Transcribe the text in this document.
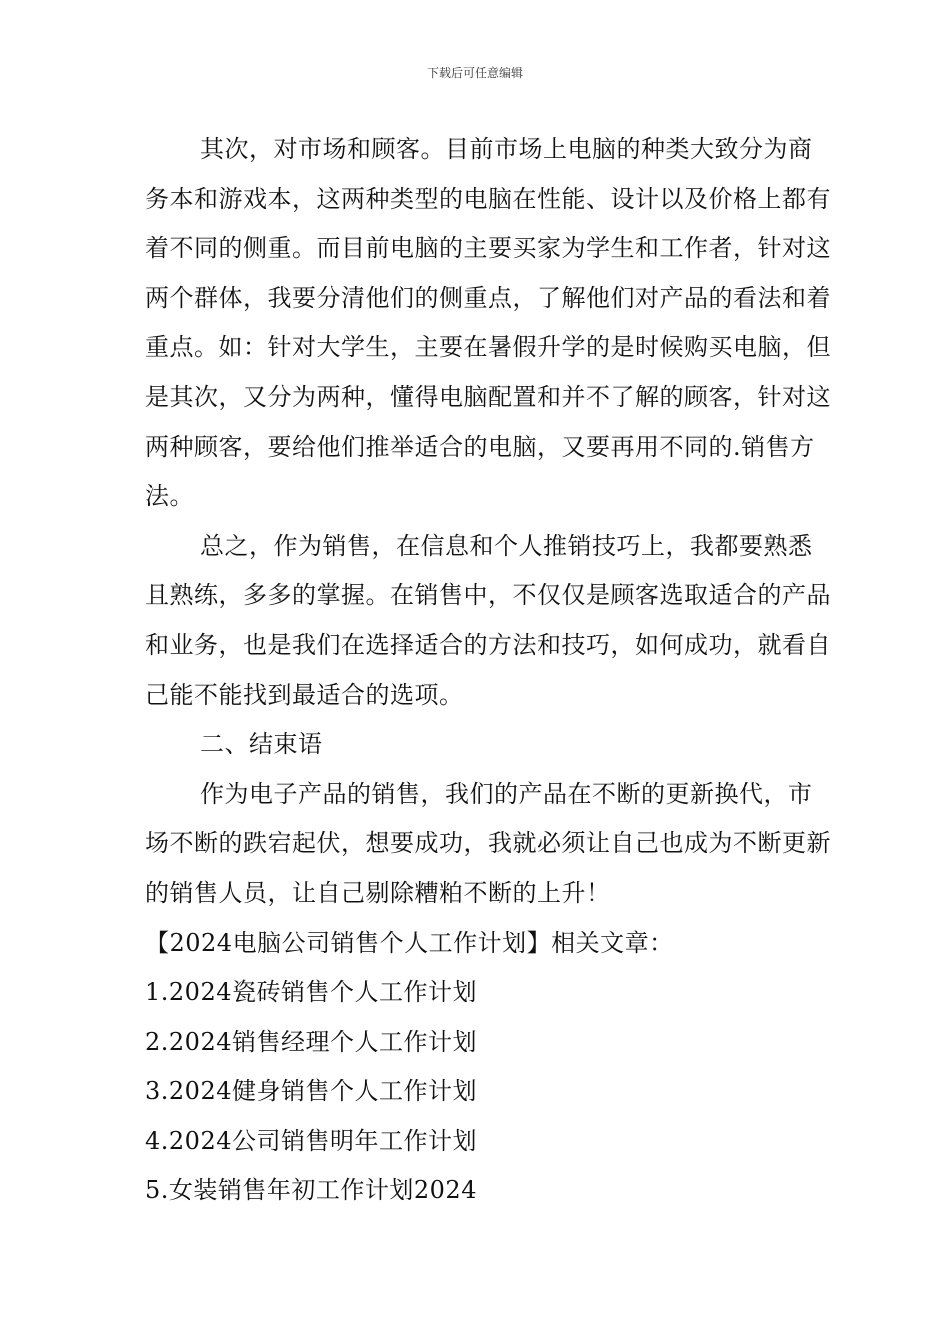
下载后可任意编辑

其次，对市场和顾客。目前市场上电脑的种类大致分为商务本和游戏本，这两种类型的电脑在性能、设计以及价格上都有着不同的侧重。而目前电脑的主要买家为学生和工作者，针对这两个群体，我要分清他们的侧重点，了解他们对产品的看法和着重点。如：针对大学生，主要在暑假升学的是时候购买电脑，但是其次，又分为两种，懂得电脑配置和并不了解的顾客，针对这两种顾客，要给他们推举适合的电脑，又要再用不同的.销售方法。

总之，作为销售，在信息和个人推销技巧上，我都要熟悉且熟练，多多的掌握。在销售中，不仅仅是顾客选取适合的产品和业务，也是我们在选择适合的方法和技巧，如何成功，就看自己能不能找到最适合的选项。

二、结束语

作为电子产品的销售，我们的产品在不断的更新换代，市场不断的跌宕起伏，想要成功，我就必须让自己也成为不断更新的销售人员，让自己剔除糟粕不断的上升！

【2024电脑公司销售个人工作计划】相关文章：

1.2024瓷砖销售个人工作计划

2.2024销售经理个人工作计划

3.2024健身销售个人工作计划

4.2024公司销售明年工作计划

5.女装销售年初工作计划2024
